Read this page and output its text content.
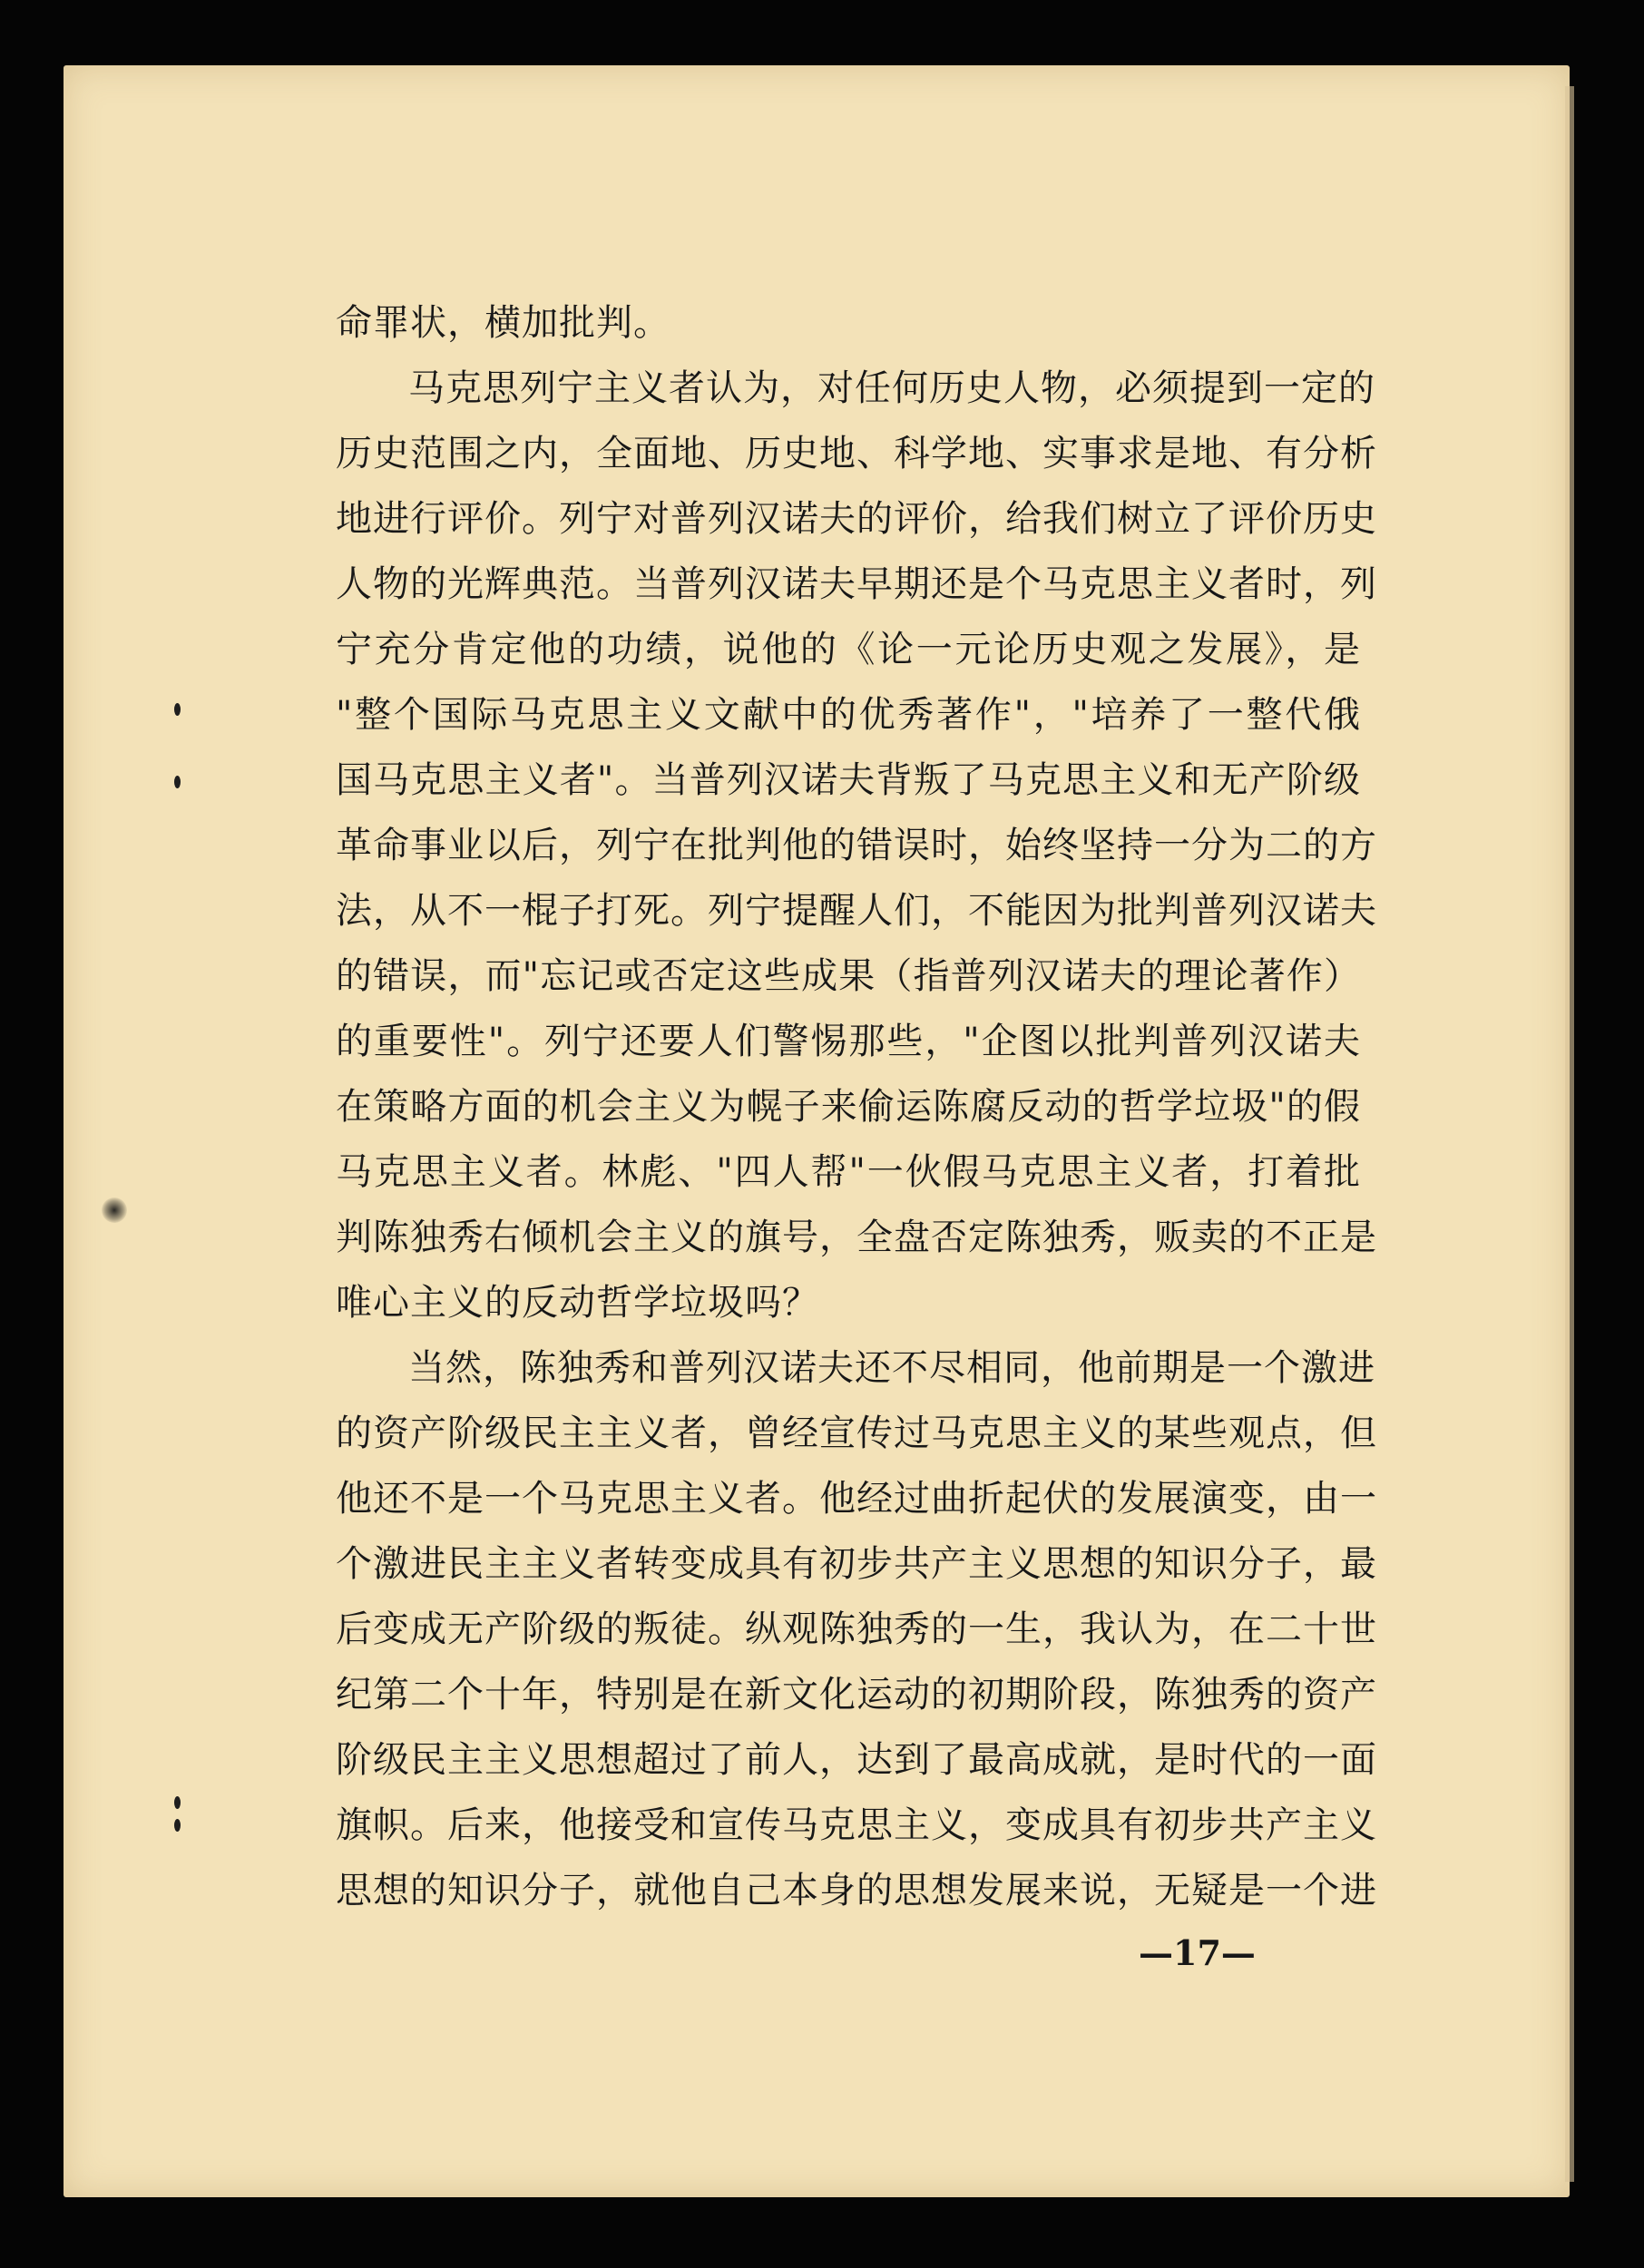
命罪状，横加批判。
马克思列宁主义者认为，对任何历史人物，必须提到一定的
历史范围之内，全面地、历史地、科学地、实事求是地、有分析
地进行评价。列宁对普列汉诺夫的评价，给我们树立了评价历史
人物的光辉典范。当普列汉诺夫早期还是个马克思主义者时，列
宁充分肯定他的功绩，说他的《论一元论历史观之发展》，是
"整个国际马克思主义文献中的优秀著作"，"培养了一整代俄
国马克思主义者"。当普列汉诺夫背叛了马克思主义和无产阶级
革命事业以后，列宁在批判他的错误时，始终坚持一分为二的方
法，从不一棍子打死。列宁提醒人们，不能因为批判普列汉诺夫
的错误，而"忘记或否定这些成果（指普列汉诺夫的理论著作）
的重要性"。列宁还要人们警惕那些，"企图以批判普列汉诺夫
在策略方面的机会主义为幌子来偷运陈腐反动的哲学垃圾"的假
马克思主义者。林彪、"四人帮"一伙假马克思主义者，打着批
判陈独秀右倾机会主义的旗号，全盘否定陈独秀，贩卖的不正是
唯心主义的反动哲学垃圾吗？
当然，陈独秀和普列汉诺夫还不尽相同，他前期是一个激进
的资产阶级民主主义者，曾经宣传过马克思主义的某些观点，但
他还不是一个马克思主义者。他经过曲折起伏的发展演变，由一
个激进民主主义者转变成具有初步共产主义思想的知识分子，最
后变成无产阶级的叛徒。纵观陈独秀的一生，我认为，在二十世
纪第二个十年，特别是在新文化运动的初期阶段，陈独秀的资产
阶级民主主义思想超过了前人，达到了最高成就，是时代的一面
旗帜。后来，他接受和宣传马克思主义，变成具有初步共产主义
思想的知识分子，就他自己本身的思想发展来说，无疑是一个进
—17—
